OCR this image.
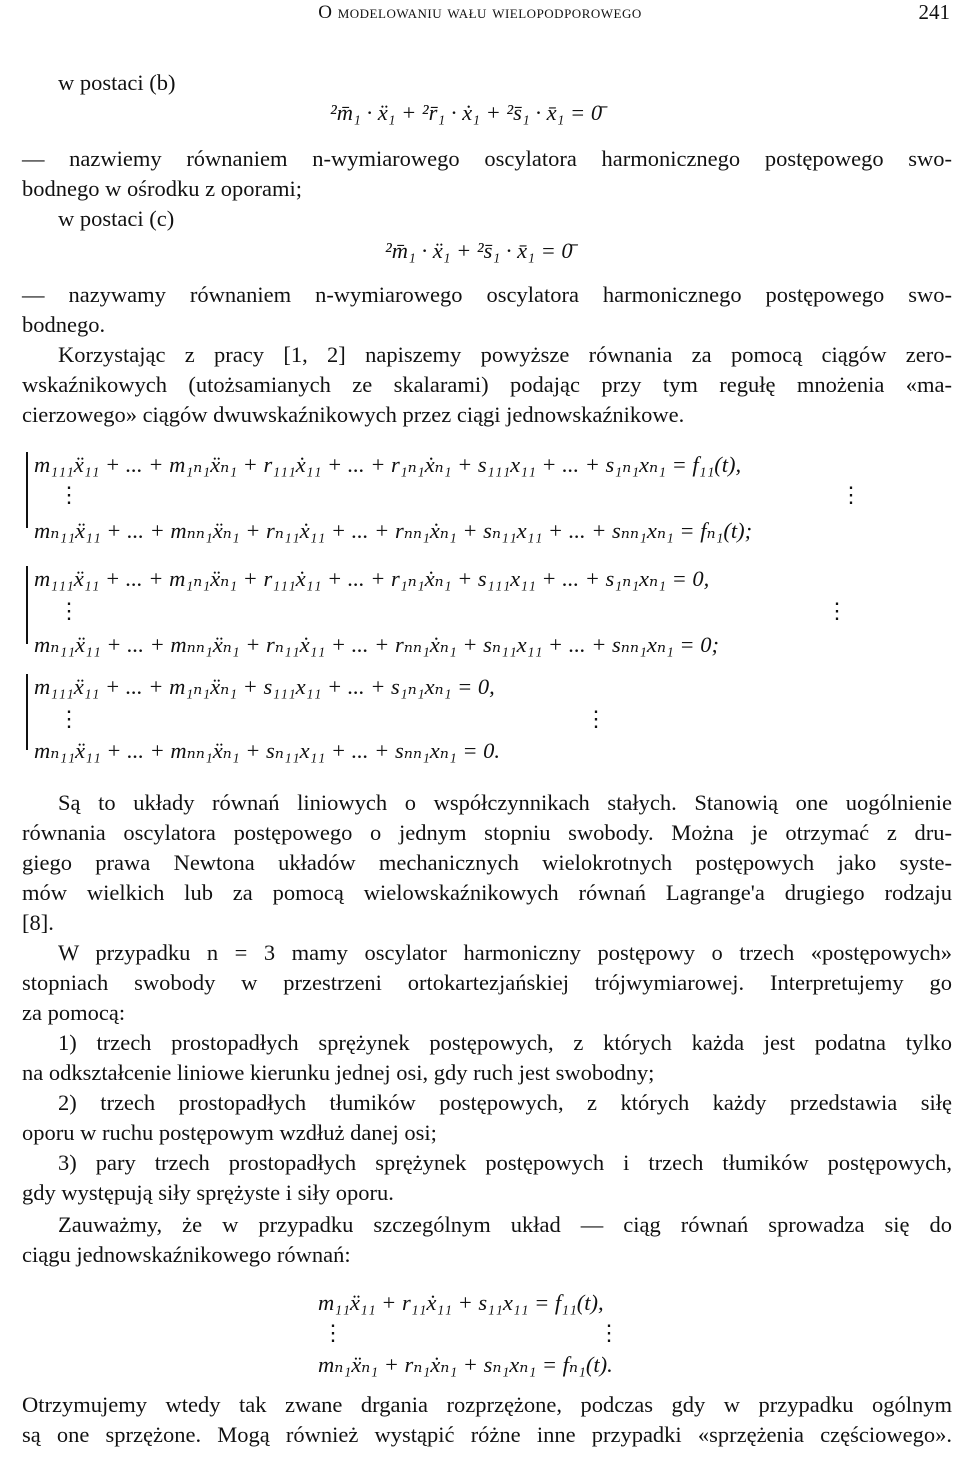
O modelowaniu wału wielopodporowego	241
w postaci (b)
²m̄₁ · ẍ₁ + ²r̄₁ · ẋ₁ + ²s̄₁ · x̄₁ = 0̄
— nazwiemy równaniem n-wymiarowego oscylatora harmonicznego postępowego swo-
bodnego w ośrodku z oporami;
w postaci (c)
²m̄₁ · ẍ₁ + ²s̄₁ · x̄₁ = 0̄
— nazywamy równaniem n-wymiarowego oscylatora harmonicznego postępowego swo-
bodnego.
Korzystając z pracy [1, 2] napiszemy powyższe równania za pomocą ciągów zero-
wskaźnikowych (utożsamianych ze skalarami) podając przy tym regułę mnożenia «ma-
cierzowego» ciągów dwuwskaźnikowych przez ciągi jednowskaźnikowe.
m₁₁₁ẍ₁₁ + ... + m₁ₙ₁ẍₙ₁ + r₁₁₁ẋ₁₁ + ... + r₁ₙ₁ẋₙ₁ + s₁₁₁x₁₁ + ... + s₁ₙ₁xₙ₁ = f₁₁(t),
⋮	⋮
mₙ₁₁ẍ₁₁ + ... + mₙₙ₁ẍₙ₁ + rₙ₁₁ẋ₁₁ + ... + rₙₙ₁ẋₙ₁ + sₙ₁₁x₁₁ + ... + sₙₙ₁xₙ₁ = fₙ₁(t);
m₁₁₁ẍ₁₁ + ... + m₁ₙ₁ẍₙ₁ + r₁₁₁ẋ₁₁ + ... + r₁ₙ₁ẋₙ₁ + s₁₁₁x₁₁ + ... + s₁ₙ₁xₙ₁ = 0,
⋮	⋮
mₙ₁₁ẍ₁₁ + ... + mₙₙ₁ẍₙ₁ + rₙ₁₁ẋ₁₁ + ... + rₙₙ₁ẋₙ₁ + sₙ₁₁x₁₁ + ... + sₙₙ₁xₙ₁ = 0;
m₁₁₁ẍ₁₁ + ... + m₁ₙ₁ẍₙ₁ + s₁₁₁x₁₁ + ... + s₁ₙ₁xₙ₁ = 0,
⋮	⋮
mₙ₁₁ẍ₁₁ + ... + mₙₙ₁ẍₙ₁ + sₙ₁₁x₁₁ + ... + sₙₙ₁xₙ₁ = 0.
Są to układy równań liniowych o współczynnikach stałych. Stanowią one uogólnienie
równania oscylatora postępowego o jednym stopniu swobody. Można je otrzymać z dru-
giego prawa Newtona układów mechanicznych wielokrotnych postępowych jako syste-
mów wielkich lub za pomocą wielowskaźnikowych równań Lagrange'a drugiego rodzaju
[8].
W przypadku n = 3 mamy oscylator harmoniczny postępowy o trzech «postępowych»
stopniach swobody w przestrzeni ortokartezjańskiej trójwymiarowej. Interpretujemy go
za pomocą:
1) trzech prostopadłych sprężynek postępowych, z których każda jest podatna tylko
na odkształcenie liniowe kierunku jednej osi, gdy ruch jest swobodny;
2) trzech prostopadłych tłumików postępowych, z których każdy przedstawia siłę
oporu w ruchu postępowym wzdłuż danej osi;
3) pary trzech prostopadłych sprężynek postępowych i trzech tłumików postępowych,
gdy występują siły sprężyste i siły oporu.
Zauważmy, że w przypadku szczególnym układ — ciąg równań sprowadza się do
ciągu jednowskaźnikowego równań:
m₁₁ẍ₁₁ + r₁₁ẋ₁₁ + s₁₁x₁₁ = f₁₁(t),
⋮	⋮
mₙ₁ẍₙ₁ + rₙ₁ẋₙ₁ + sₙ₁xₙ₁ = fₙ₁(t).
Otrzymujemy wtedy tak zwane drgania rozprzężone, podczas gdy w przypadku ogólnym
są one sprzężone. Mogą również wystąpić różne inne przypadki «sprzężenia częściowego».
